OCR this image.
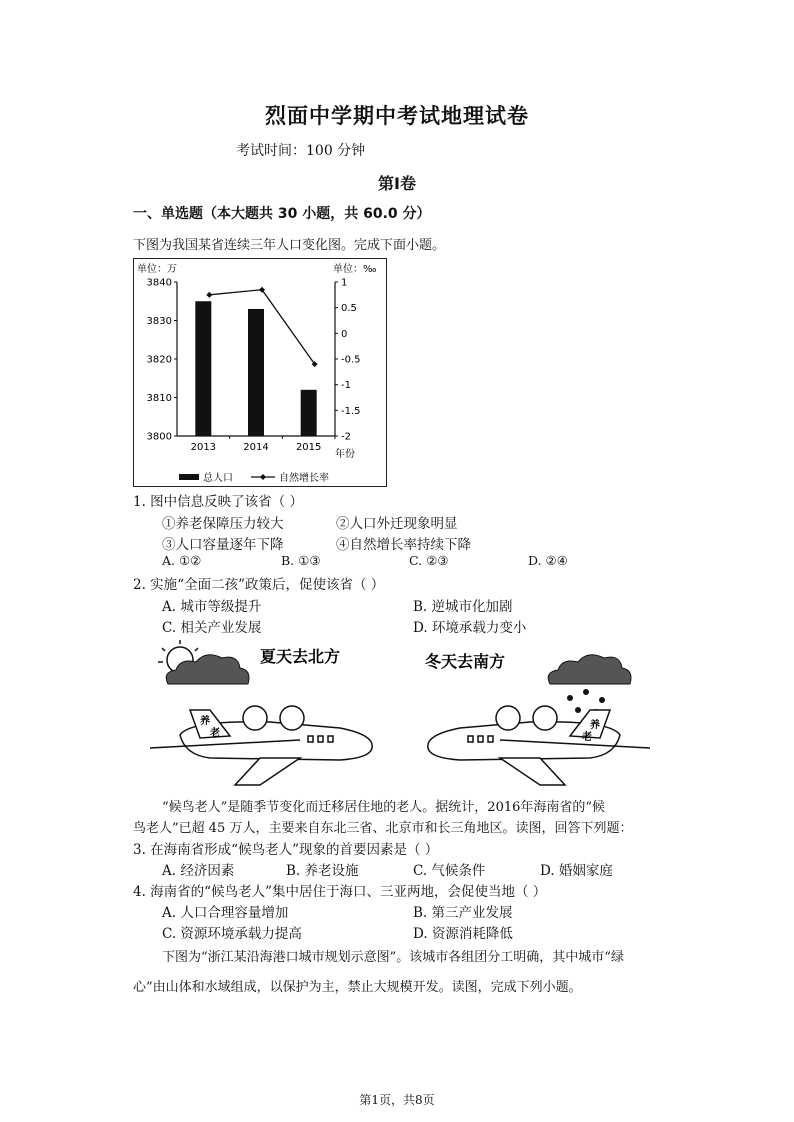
烈面中学期中考试地理试卷
考试时间：100 分钟
第Ⅰ卷
一、单选题（本大题共 30 小题，共 60.0 分）
下图为我国某省连续三年人口变化图。完成下面小题。
单位：万	单位：‰
3840
3830
3820
3810
3800
1
0.5
0
-0.5
-1
-1.5
-2
2013	2014	2015
年份
总人口	自然增长率
1. 图中信息反映了该省（ ）
①养老保障压力较大	②人口外迁现象明显
③人口容量逐年下降	④自然增长率持续下降
A. ①②	B. ①③	C. ②③	D. ②④
2. 实施“全面二孩”政策后，促使该省（ ）
A. 城市等级提升	B. 逆城市化加剧
C. 相关产业发展	D. 环境承载力变小
夏天去北方
养
老
冬天去南方
养
老
“候鸟老人”是随季节变化而迁移居住地的老人。据统计，2016年海南省的“候
鸟老人”已超 45 万人，主要来自东北三省、北京市和长三角地区。读图，回答下列题：
3. 在海南省形成“候鸟老人”现象的首要因素是（ ）
A. 经济因素	B. 养老设施	C. 气候条件	D. 婚姻家庭
4. 海南省的“候鸟老人”集中居住于海口、三亚两地，会促使当地（ ）
A. 人口合理容量增加	B. 第三产业发展
C. 资源环境承载力提高	D. 资源消耗降低
下图为“浙江某沿海港口城市规划示意图”。该城市各组团分工明确，其中城市“绿
心”由山体和水域组成，以保护为主，禁止大规模开发。读图，完成下列小题。
第1页，共8页
